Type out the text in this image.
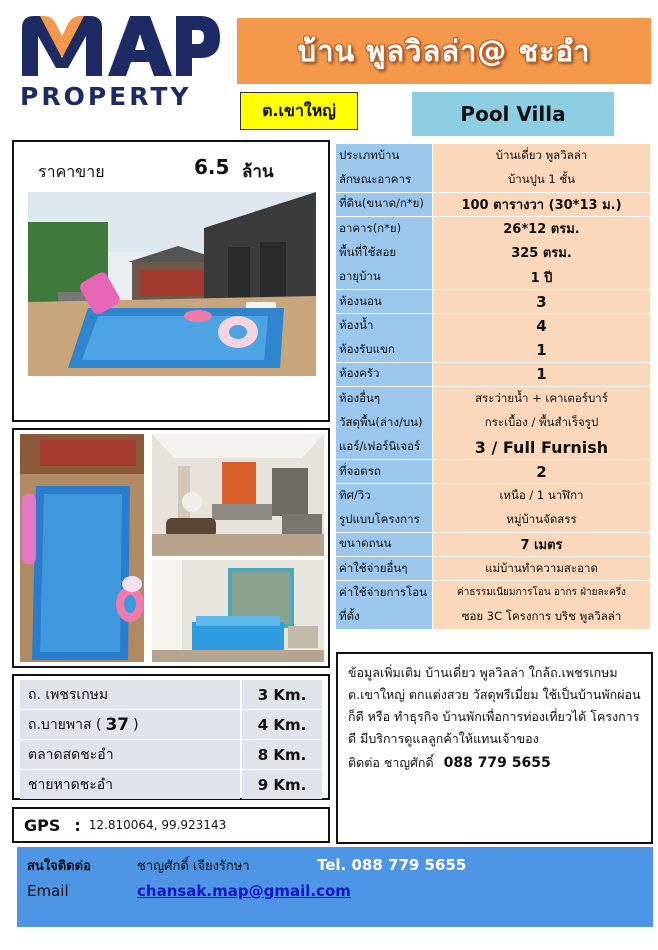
PROPERTY
บ้าน พูลวิลล่า@ ชะอำ
ต.เขาใหญ่	Pool Villa
ราคาขาย	6.5 ล้าน
ประเภทบ้าน	บ้านเดี่ยว พูลวิลล่า
ลักษณะอาคาร	บ้านปูน 1 ชั้น
ที่ดิน(ขนาด/ก*ย)	100 ตารางวา (30*13 ม.)
อาคาร(ก*ย)	26*12 ตรม.
พื้นที่ใช้สอย	325 ตรม.
อายุบ้าน	1 ปี
ห้องนอน	3
ห้องน้ำ	4
ห้องรับแขก	1
ห้องครัว	1
ห้องอื่นๆ	สระว่ายน้ำ + เคาเตอร์บาร์
วัสดุพื้น(ล่าง/บน)	กระเบื้อง / พื้นสำเร็จรูป
แอร์/เฟอร์นิเจอร์	3 / Full Furnish
ที่จอดรถ	2
ทิศ/วิว	เหนือ / 1 นาฬิกา
รูปแบบโครงการ	หมู่บ้านจัดสรร
ขนาดถนน	7 เมตร
ค่าใช้จ่ายอื่นๆ	แม่บ้านทำความสะอาด
ค่าใช้จ่ายการโอน	ค่าธรรมเนียมการโอน อากร ฝ่ายละครึ่ง
ที่ตั้ง	ซอย 3C โครงการ บริช พูลวิลล่า
ถ. เพชรเกษม	3 Km.
ถ.บายพาส ( 37 )	4 Km.
ตลาดสดชะอำ	8 Km.
ชายหาดชะอำ	9 Km.
GPS : 12.810064, 99.923143
ข้อมูลเพิ่มเติม บ้านเดี่ยว พูลวิลล่า ใกล้ถ.เพชรเกษม ต.เขาใหญ่ ตกแต่งสวย วัสดุพรีเมี่ยม ใช้เป็นบ้านพักผ่อนก็ดี หรือ ทำธุรกิจ บ้านพักเพื่อการท่องเที่ยวได้ โครงการดี มีบริการดูแลลูกค้าให้แทนเจ้าของ
ติดต่อ ชาญศักดิ์ 088 779 5655
สนใจติดต่อ	ชาญศักดิ์ เจียงรักษา	Tel. 088 779 5655
Email	chansak.map@gmail.com
